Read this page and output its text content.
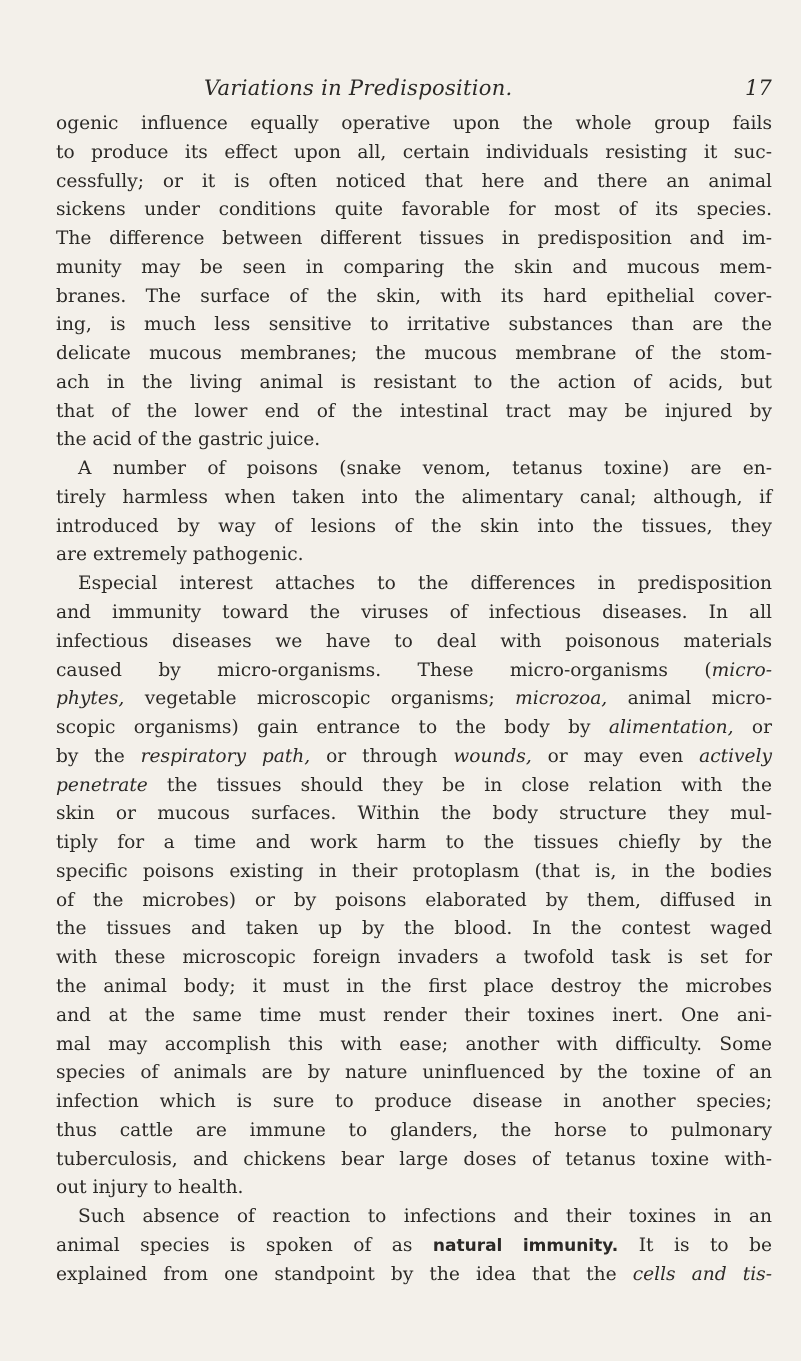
Variations in Predisposition.	17
ogenic influence equally operative upon the whole group fails
to produce its effect upon all, certain individuals resisting it suc-
cessfully; or it is often noticed that here and there an animal
sickens under conditions quite favorable for most of its species.
The difference between different tissues in predisposition and im-
munity may be seen in comparing the skin and mucous mem-
branes. The surface of the skin, with its hard epithelial cover-
ing, is much less sensitive to irritative substances than are the
delicate mucous membranes; the mucous membrane of the stom-
ach in the living animal is resistant to the action of acids, but
that of the lower end of the intestinal tract may be injured by
the acid of the gastric juice.
A number of poisons (snake venom, tetanus toxine) are en-
tirely harmless when taken into the alimentary canal; although, if
introduced by way of lesions of the skin into the tissues, they
are extremely pathogenic.
Especial interest attaches to the differences in predisposition
and immunity toward the viruses of infectious diseases. In all
infectious diseases we have to deal with poisonous materials
caused by micro-organisms. These micro-organisms (micro-
phytes, vegetable microscopic organisms; microzoa, animal micro-
scopic organisms) gain entrance to the body by alimentation, or
by the respiratory path, or through wounds, or may even actively
penetrate the tissues should they be in close relation with the
skin or mucous surfaces. Within the body structure they mul-
tiply for a time and work harm to the tissues chiefly by the
specific poisons existing in their protoplasm (that is, in the bodies
of the microbes) or by poisons elaborated by them, diffused in
the tissues and taken up by the blood. In the contest waged
with these microscopic foreign invaders a twofold task is set for
the animal body; it must in the first place destroy the microbes
and at the same time must render their toxines inert. One ani-
mal may accomplish this with ease; another with difficulty. Some
species of animals are by nature uninfluenced by the toxine of an
infection which is sure to produce disease in another species;
thus cattle are immune to glanders, the horse to pulmonary
tuberculosis, and chickens bear large doses of tetanus toxine with-
out injury to health.
Such absence of reaction to infections and their toxines in an
animal species is spoken of as natural immunity. It is to be
explained from one standpoint by the idea that the cells and tis-
